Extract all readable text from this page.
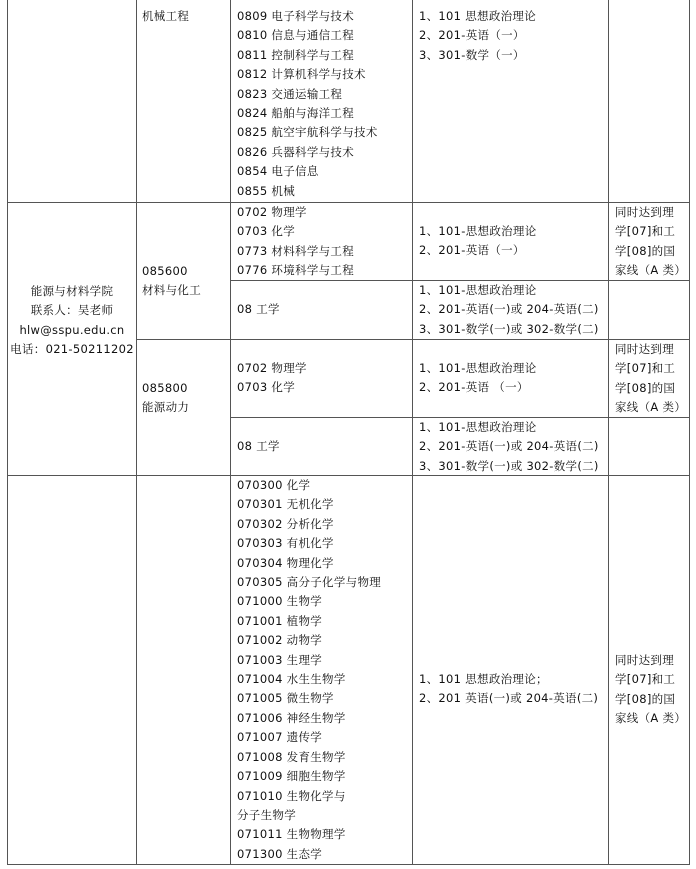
机械工程	0809 电子科学与技术
0810 信息与通信工程
0811 控制科学与工程
0812 计算机科学与技术
0823 交通运输工程
0824 船舶与海洋工程
0825 航空宇航科学与技术
0826 兵器科学与技术
0854 电子信息
0855 机械
1、101 思想政治理论
2、201-英语（一）
3、301-数学（一）
能源与材料学院
联系人：吴老师
hlw@sspu.edu.cn
电话：021-50211202
085600
材料与化工
0702 物理学
0703 化学
0773 材料科学与工程
0776 环境科学与工程
1、101-思想政治理论
2、201-英语（一）
同时达到理
学[07]和工
学[08]的国
家线（A 类）
08 工学
1、101-思想政治理论
2、201-英语(一)或 204-英语(二)
3、301-数学(一)或 302-数学(二)
085800
能源动力
0702 物理学
0703 化学
1、101-思想政治理论
2、201-英语 （一）
同时达到理
学[07]和工
学[08]的国
家线（A 类）
08 工学
1、101-思想政治理论
2、201-英语(一)或 204-英语(二)
3、301-数学(一)或 302-数学(二)
070300 化学
070301 无机化学
070302 分析化学
070303 有机化学
070304 物理化学
070305 高分子化学与物理
071000 生物学
071001 植物学
071002 动物学
071003 生理学
071004 水生生物学
071005 微生物学
071006 神经生物学
071007 遗传学
071008 发育生物学
071009 细胞生物学
071010 生物化学与
分子生物学
071011 生物物理学
071300 生态学
1、101 思想政治理论；
2、201 英语(一)或 204-英语(二)
同时达到理
学[07]和工
学[08]的国
家线（A 类）
